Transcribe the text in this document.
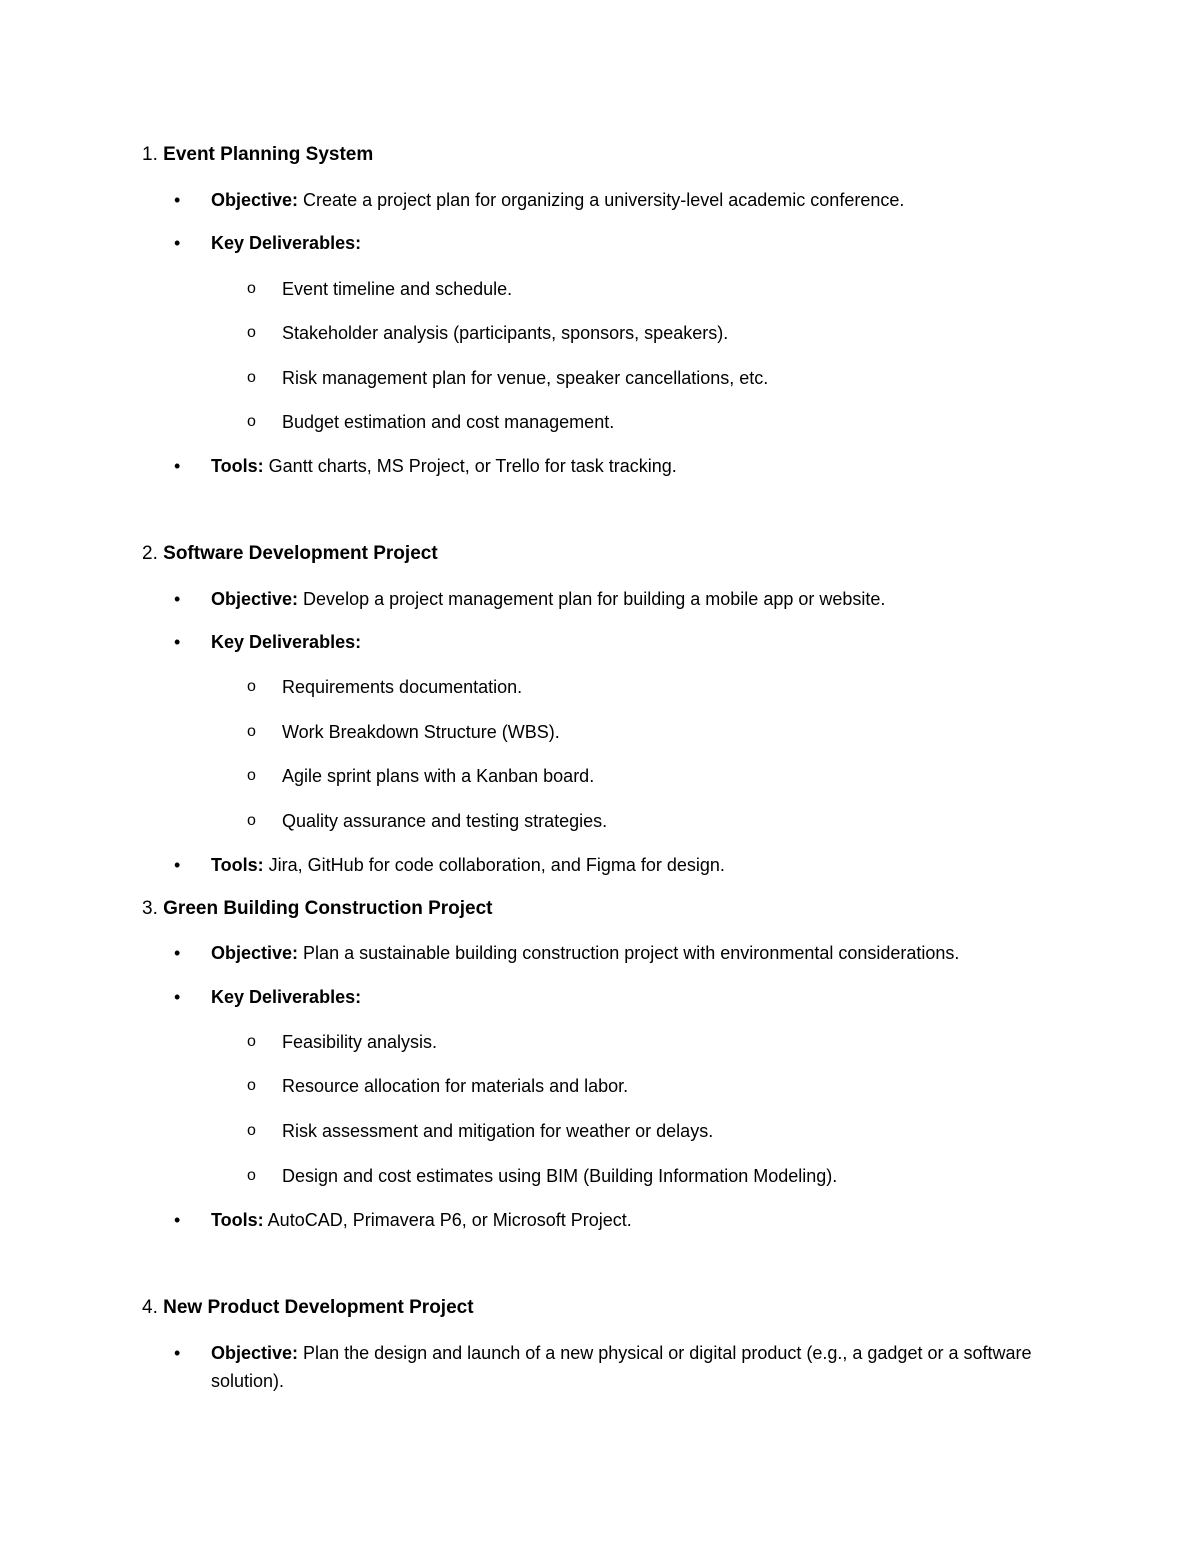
1. Event Planning System
• Objective: Create a project plan for organizing a university-level academic conference.
• Key Deliverables:
o Event timeline and schedule.
o Stakeholder analysis (participants, sponsors, speakers).
o Risk management plan for venue, speaker cancellations, etc.
o Budget estimation and cost management.
• Tools: Gantt charts, MS Project, or Trello for task tracking.
2. Software Development Project
• Objective: Develop a project management plan for building a mobile app or website.
• Key Deliverables:
o Requirements documentation.
o Work Breakdown Structure (WBS).
o Agile sprint plans with a Kanban board.
o Quality assurance and testing strategies.
• Tools: Jira, GitHub for code collaboration, and Figma for design.
3. Green Building Construction Project
• Objective: Plan a sustainable building construction project with environmental considerations.
• Key Deliverables:
o Feasibility analysis.
o Resource allocation for materials and labor.
o Risk assessment and mitigation for weather or delays.
o Design and cost estimates using BIM (Building Information Modeling).
• Tools: AutoCAD, Primavera P6, or Microsoft Project.
4. New Product Development Project
• Objective: Plan the design and launch of a new physical or digital product (e.g., a gadget or a software solution).
